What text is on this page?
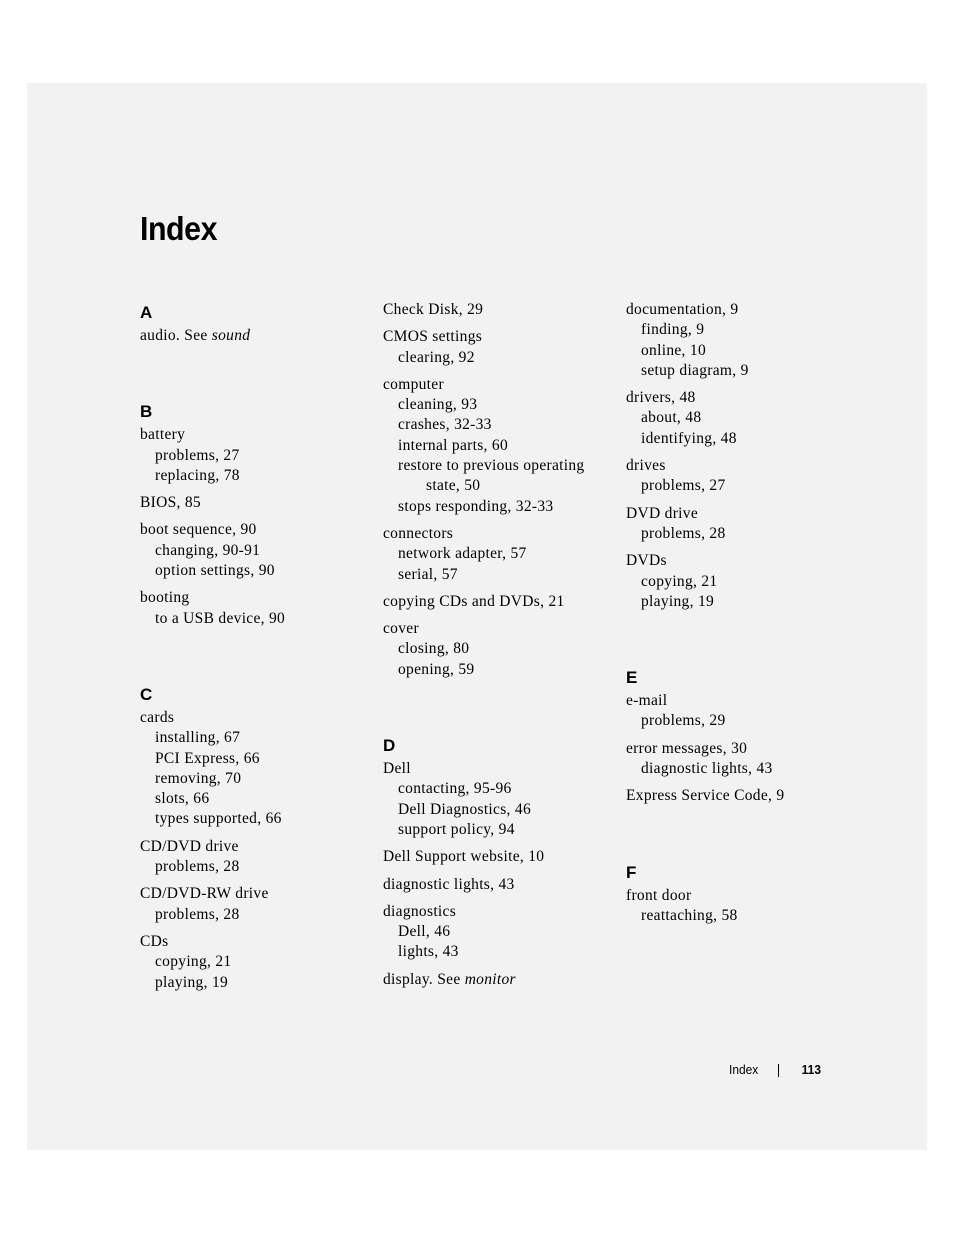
Index
A
audio. See sound
B
battery
problems, 27
replacing, 78
BIOS, 85
boot sequence, 90
changing, 90-91
option settings, 90
booting
to a USB device, 90
C
cards
installing, 67
PCI Express, 66
removing, 70
slots, 66
types supported, 66
CD/DVD drive
problems, 28
CD/DVD-RW drive
problems, 28
CDs
copying, 21
playing, 19
Check Disk, 29
CMOS settings
clearing, 92
computer
cleaning, 93
crashes, 32-33
internal parts, 60
restore to previous operating
state, 50
stops responding, 32-33
connectors
network adapter, 57
serial, 57
copying CDs and DVDs, 21
cover
closing, 80
opening, 59
D
Dell
contacting, 95-96
Dell Diagnostics, 46
support policy, 94
Dell Support website, 10
diagnostic lights, 43
diagnostics
Dell, 46
lights, 43
display. See monitor
documentation, 9
finding, 9
online, 10
setup diagram, 9
drivers, 48
about, 48
identifying, 48
drives
problems, 27
DVD drive
problems, 28
DVDs
copying, 21
playing, 19
E
e-mail
problems, 29
error messages, 30
diagnostic lights, 43
Express Service Code, 9
F
front door
reattaching, 58
Index	113
